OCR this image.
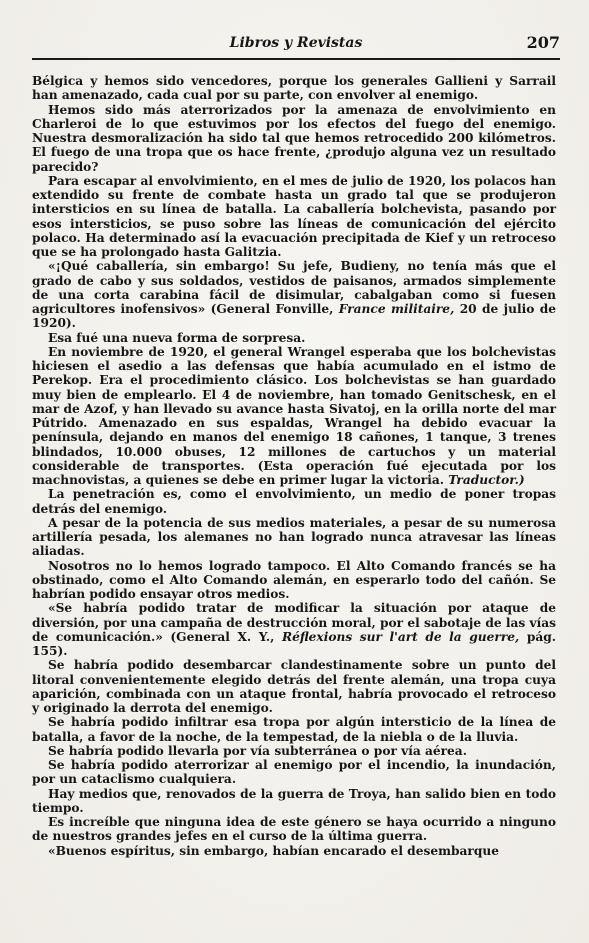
Libros y Revistas	207

Bélgica y hemos sido vencedores, porque los generales Gallieni y Sarrail han amenazado, cada cual por su parte, con envolver al enemigo.

Hemos sido más aterrorizados por la amenaza de envolvimiento en Charleroi de lo que estuvimos por los efectos del fuego del enemigo. Nuestra desmoralización ha sido tal que hemos retrocedido 200 kilómetros. El fuego de una tropa que os hace frente, ¿produjo alguna vez un resultado parecido?

Para escapar al envolvimiento, en el mes de julio de 1920, los polacos han extendido su frente de combate hasta un grado tal que se produjeron intersticios en su línea de batalla. La caballería bolchevista, pasando por esos intersticios, se puso sobre las líneas de comunicación del ejército polaco. Ha determinado así la evacuación precipitada de Kief y un retroceso que se ha prolongado hasta Galitzia.

«¡Qué caballería, sin embargo! Su jefe, Budieny, no tenía más que el grado de cabo y sus soldados, vestidos de paisanos, armados simplemente de una corta carabina fácil de disimular, cabalgaban como si fuesen agricultores inofensivos» (General Fonville, France militaire, 20 de julio de 1920).

Esa fué una nueva forma de sorpresa.

En noviembre de 1920, el general Wrangel esperaba que los bolchevistas hiciesen el asedio a las defensas que había acumulado en el istmo de Perekop. Era el procedimiento clásico. Los bolchevistas se han guardado muy bien de emplearlo. El 4 de noviembre, han tomado Genitschesk, en el mar de Azof, y han llevado su avance hasta Sivatoj, en la orilla norte del mar Pútrido. Amenazado en sus espaldas, Wrangel ha debido evacuar la península, dejando en manos del enemigo 18 cañones, 1 tanque, 3 trenes blindados, 10.000 obuses, 12 millones de cartuchos y un material considerable de transportes. (Esta operación fué ejecutada por los machnovistas, a quienes se debe en primer lugar la victoria. Traductor.)

La penetración es, como el envolvimiento, un medio de poner tropas detrás del enemigo.

A pesar de la potencia de sus medios materiales, a pesar de su numerosa artillería pesada, los alemanes no han logrado nunca atravesar las líneas aliadas.

Nosotros no lo hemos logrado tampoco. El Alto Comando francés se ha obstinado, como el Alto Comando alemán, en esperarlo todo del cañón. Se habrían podido ensayar otros medios.

«Se habría podido tratar de modificar la situación por ataque de diversión, por una campaña de destrucción moral, por el sabotaje de las vías de comunicación.» (General X. Y., Réflexions sur l'art de la guerre, pág. 155).

Se habría podido desembarcar clandestinamente sobre un punto del litoral convenientemente elegido detrás del frente alemán, una tropa cuya aparición, combinada con un ataque frontal, habría provocado el retroceso y originado la derrota del enemigo.

Se habría podido infiltrar esa tropa por algún intersticio de la línea de batalla, a favor de la noche, de la tempestad, de la niebla o de la lluvia.

Se habría podido llevarla por vía subterránea o por vía aérea.

Se habría podido aterrorizar al enemigo por el incendio, la inundación, por un cataclismo cualquiera.

Hay medios que, renovados de la guerra de Troya, han salido bien en todo tiempo.

Es increíble que ninguna idea de este género se haya ocurrido a ninguno de nuestros grandes jefes en el curso de la última guerra.

«Buenos espíritus, sin embargo, habían encarado el desembarque
